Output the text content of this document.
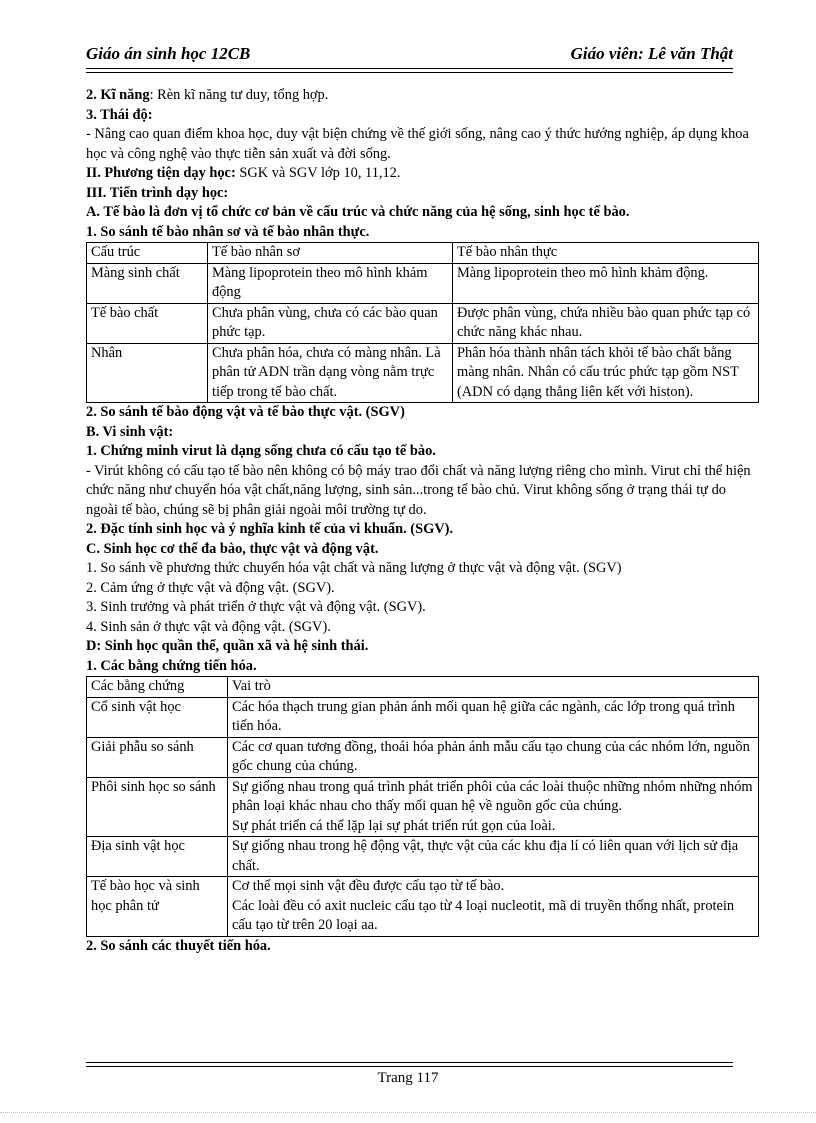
Giáo án sinh học 12CB	Giáo viên: Lê văn Thật

2. Kĩ năng: Rèn kĩ năng tư duy, tổng hợp.

3. Thái độ:

- Nâng cao quan điểm khoa học, duy vật biện chứng về thế giới sống, nâng cao ý thức hướng nghiệp, áp dụng khoa học và công nghệ vào thực tiễn sản xuất và đời sống.

II. Phương tiện dạy học: SGK và SGV lớp 10, 11,12.

III. Tiến trình dạy học:

A. Tế bào là đơn vị tổ chức cơ bản về cấu trúc và chức năng của hệ sống, sinh học tế bào.

1. So sánh tế bào nhân sơ và tế bào nhân thực.

Cấu trúc	Tế bào nhân sơ	Tế bào nhân thực
Màng sinh chất	Màng lipoprotein theo mô hình khảm động	Màng lipoprotein theo mô hình khảm động.
Tế bào chất	Chưa phân vùng, chưa có các bào quan phức tạp.	Được phân vùng, chứa nhiều bào quan phức tạp có chức năng khác nhau.
Nhân	Chưa phân hóa, chưa có màng nhân. Là phân tử ADN trần dạng vòng nằm trực tiếp trong tế bào chất.	Phân hóa thành nhân tách khỏi tế bào chất bằng màng nhân. Nhân có cấu trúc phức tạp gồm NST (ADN có dạng thẳng liên kết với histon).

2. So sánh tế bào động vật và tế bào thực vật. (SGV)

B. Vi sinh vật:

1. Chứng minh virut là dạng sống chưa có cấu tạo tế bào.

- Virút không có cấu tạo tế bào nên không có bộ máy trao đổi chất và năng lượng riêng cho mình. Virut chỉ thể hiện chức năng như chuyển hóa vật chất,năng lượng, sinh sản...trong tế bào chủ. Virut không sống ở trạng thái tự do ngoài tế bào, chúng sẽ bị phân giải ngoài môi trường tự do.

2. Đặc tính sinh học và ý nghĩa kinh tế của vi khuẩn. (SGV).

C. Sinh học cơ thể đa bào, thực vật và động vật.

1. So sánh về phương thức chuyển hóa vật chất và năng lượng ở thực vật và động vật. (SGV)

2. Cảm ứng ở thực vật và động vật. (SGV).

3. Sinh trưởng và phát triển ở thực vật và động vật. (SGV).

4. Sinh sản ở thực vật và động vật. (SGV).

D: Sinh học quần thể, quần xã và hệ sinh thái.

1. Các bằng chứng tiến hóa.

Các bằng chứng	Vai trò
Cổ sinh vật học	Các hóa thạch trung gian phản ánh mối quan hệ giữa các ngành, các lớp trong quá trình tiến hóa.

Giải phẫu so sánh	Các cơ quan tương đồng, thoái hóa phản ánh mẫu cấu tạo chung của các nhóm lớn, nguồn gốc chung của chúng.

Phôi sinh học so sánh	Sự giống nhau trong quá trình phát triển phôi của các loài thuộc những nhóm những nhóm phân loại khác nhau cho thấy mối quan hệ về nguồn gốc của chúng.
Sự phát triển cá thể lặp lại sự phát triển rút gọn của loài.

Địa sinh vật học	Sự giống nhau trong hệ động vật, thực vật của các khu địa lí có liên quan với lịch sử địa chất.

Tế bào học và sinh học phân tử	Cơ thể mọi sinh vật đều được cấu tạo từ tế bào.
Các loài đều có axit nucleic cấu tạo từ 4 loại nucleotit, mã di truyền thống nhất, protein cấu tạo từ trên 20 loại aa.

2. So sánh các thuyết tiến hóa.

Trang 117
